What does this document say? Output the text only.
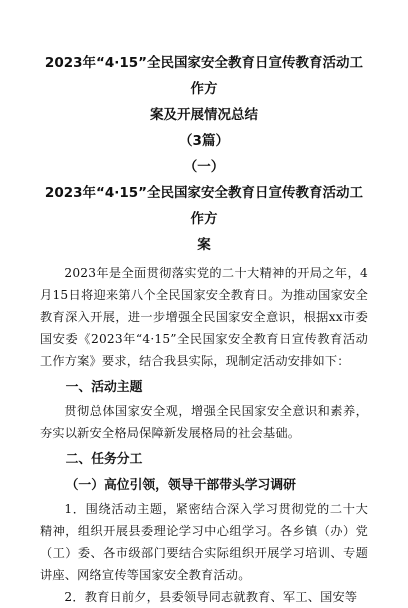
2023年“4·15”全民国家安全教育日宣传教育活动工作方

案及开展情况总结

（3篇）

（一）

2023年“4·15”全民国家安全教育日宣传教育活动工作方

案

2023年是全面贯彻落实党的二十大精神的开局之年，4月15日将迎来第八个全民国家安全教育日。为推动国家安全教育深入开展，进一步增强全民国家安全意识，根据xx市委国安委《2023年“4·15”全民国家安全教育日宣传教育活动工作方案》要求，结合我县实际，现制定活动安排如下：

一、活动主题

贯彻总体国家安全观，增强全民国家安全意识和素养，夯实以新安全格局保障新发展格局的社会基础。

二、任务分工

（一）高位引领，领导干部带头学习调研

1．围绕活动主题，紧密结合深入学习贯彻党的二十大精神，组织开展县委理论学习中心组学习。各乡镇（办）党（工）委、各市级部门要结合实际组织开展学习培训、专题讲座、网络宣传等国家安全教育活动。

2．教育日前夕，县委领导同志就教育、军工、国安等
